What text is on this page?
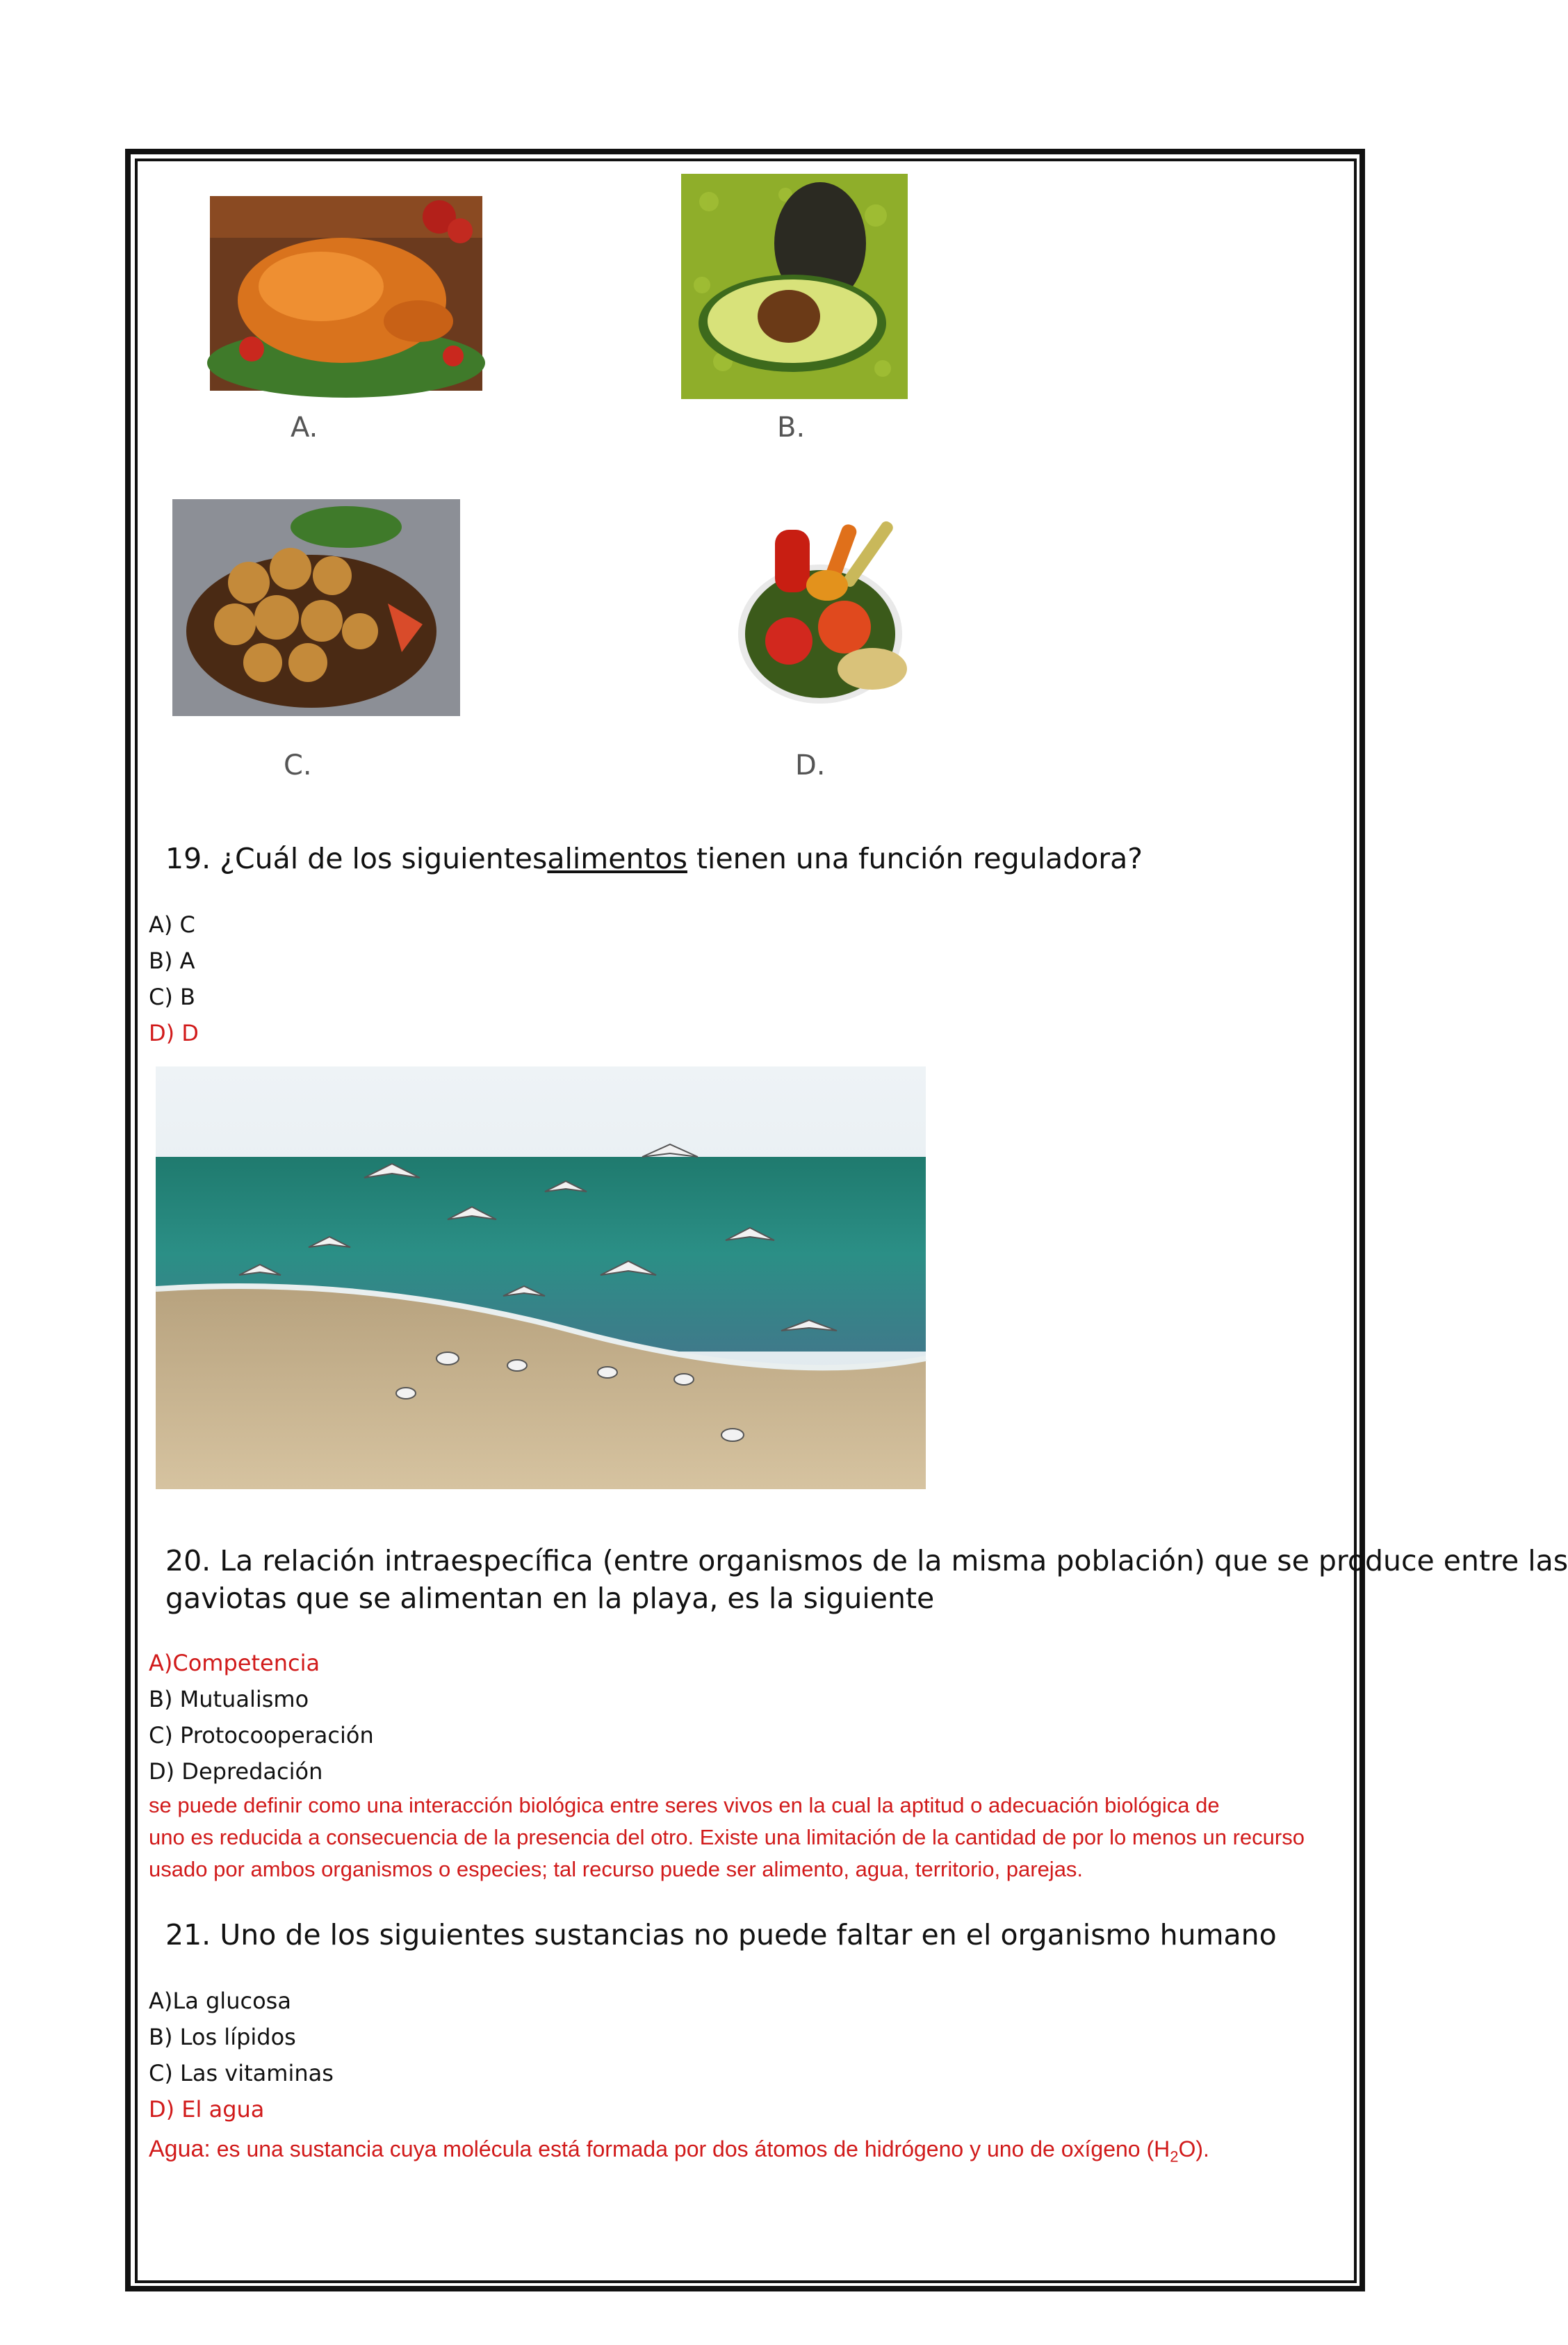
A.	B.
C.	D.
19. ¿Cuál de los siguientesalimentos tienen una función reguladora?
A) C
B) A
C) B
D) D
20. La relación intraespecífica (entre organismos de la misma población) que se produce entre las
gaviotas que se alimentan en la playa, es la siguiente
A)Competencia
B) Mutualismo
C) Protocooperación
D) Depredación
se puede definir como una interacción biológica entre seres vivos en la cual la aptitud o adecuación biológica de
uno es reducida a consecuencia de la presencia del otro. Existe una limitación de la cantidad de por lo menos un recurso
usado por ambos organismos o especies; tal recurso puede ser alimento, agua, territorio, parejas.
21. Uno de los siguientes sustancias no puede faltar en el organismo humano
A)La glucosa
B) Los lípidos
C) Las vitaminas
D) El agua
Agua: es una sustancia cuya molécula está formada por dos átomos de hidrógeno y uno de oxígeno $(H_2O)$.
